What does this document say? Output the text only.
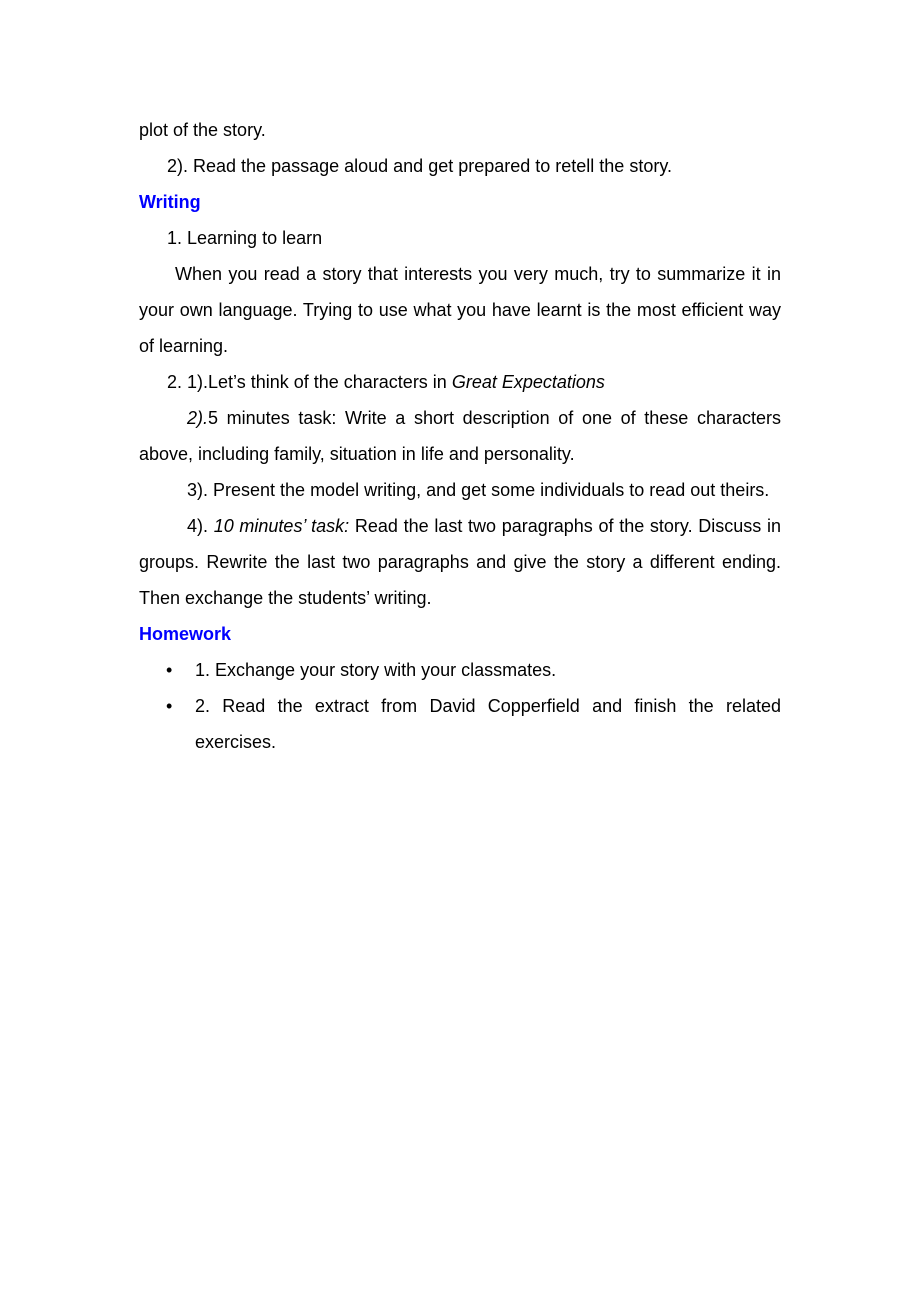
plot of the story.

2). Read the passage aloud and get prepared to retell the story.

Writing

1. Learning to learn

When you read a story that interests you very much, try to summarize it in your own language. Trying to use what you have learnt is the most efficient way of learning.

2. 1).Let’s think of the characters in Great Expectations

2).5 minutes task: Write a short description of one of these characters above, including family, situation in life and personality.

3). Present the model writing, and get some individuals to read out theirs.

4). 10 minutes’ task: Read the last two paragraphs of the story. Discuss in groups. Rewrite the last two paragraphs and give the story a different ending. Then exchange the students’ writing.

Homework

• 1. Exchange your story with your classmates.
• 2. Read the extract from David Copperfield and finish the related exercises.
